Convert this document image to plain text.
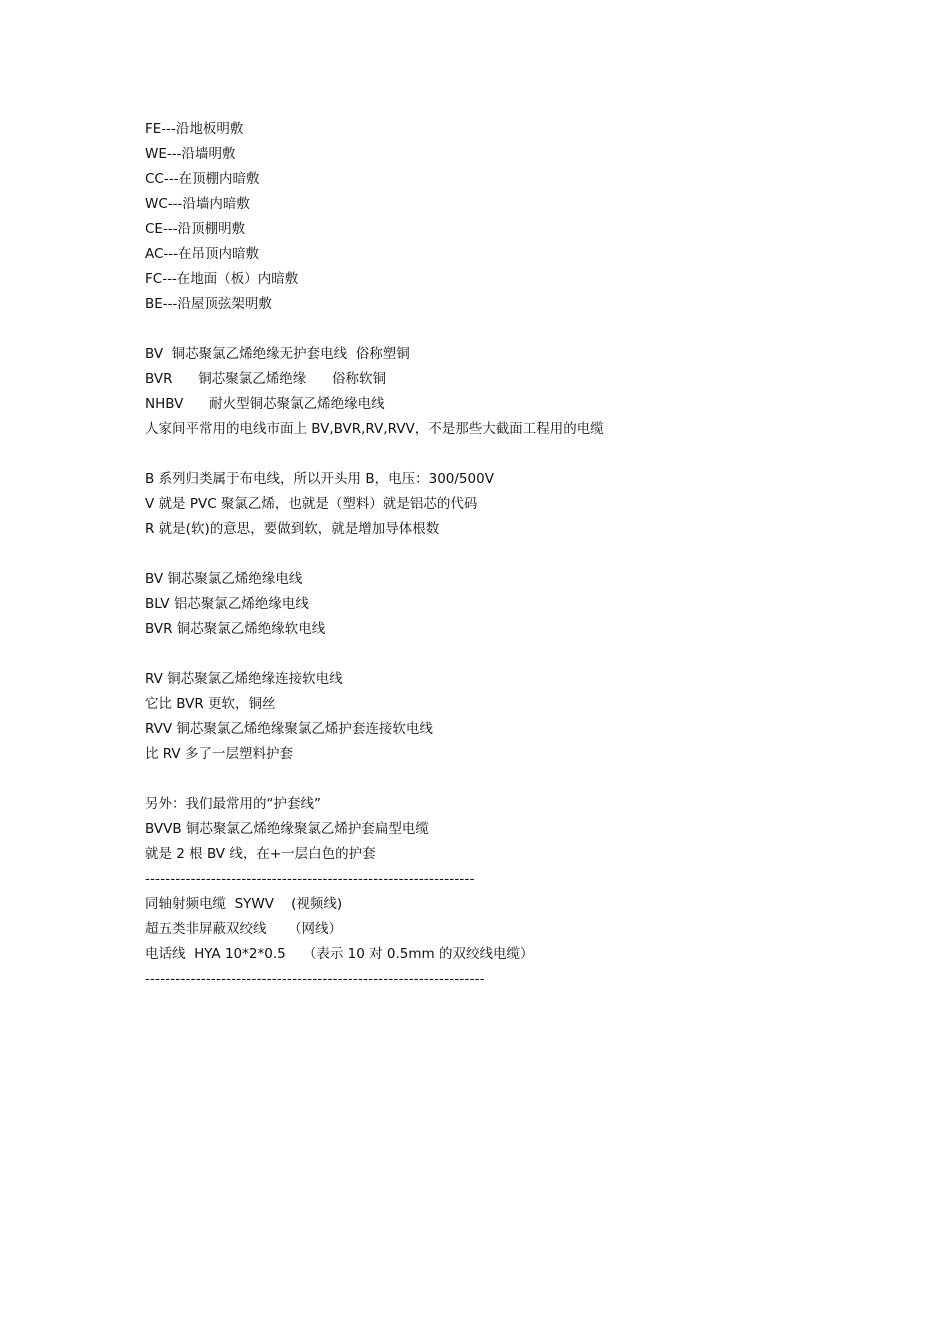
FE---沿地板明敷
WE---沿墙明敷
CC---在顶棚内暗敷
WC---沿墙内暗敷
CE---沿顶棚明敷
AC---在吊顶内暗敷
FC---在地面（板）内暗敷
BE---沿屋顶弦架明敷
BV  铜芯聚氯乙烯绝缘无护套电线  俗称塑铜
BVR      铜芯聚氯乙烯绝缘      俗称软铜
NHBV      耐火型铜芯聚氯乙烯绝缘电线
人家间平常用的电线市面上 BV,BVR,RV,RVV，不是那些大截面工程用的电缆
B 系列归类属于布电线，所以开头用 B，电压：300/500V
V 就是 PVC 聚氯乙烯，也就是（塑料）就是铝芯的代码
R 就是(软)的意思，要做到软，就是增加导体根数
BV 铜芯聚氯乙烯绝缘电线
BLV 铝芯聚氯乙烯绝缘电线
BVR 铜芯聚氯乙烯绝缘软电线
RV 铜芯聚氯乙烯绝缘连接软电线
它比 BVR 更软，铜丝
RVV 铜芯聚氯乙烯绝缘聚氯乙烯护套连接软电线
比 RV 多了一层塑料护套
另外：我们最常用的“护套线”
BVVB 铜芯聚氯乙烯绝缘聚氯乙烯护套扁型电缆
就是 2 根 BV 线，在+一层白色的护套
-----------------------------------------------------------------
同轴射频电缆  SYWV    (视频线)
超五类非屏蔽双绞线     （网线）
电话线  HYA 10*2*0.5    （表示 10 对 0.5mm 的双绞线电缆）
-------------------------------------------------------------------
